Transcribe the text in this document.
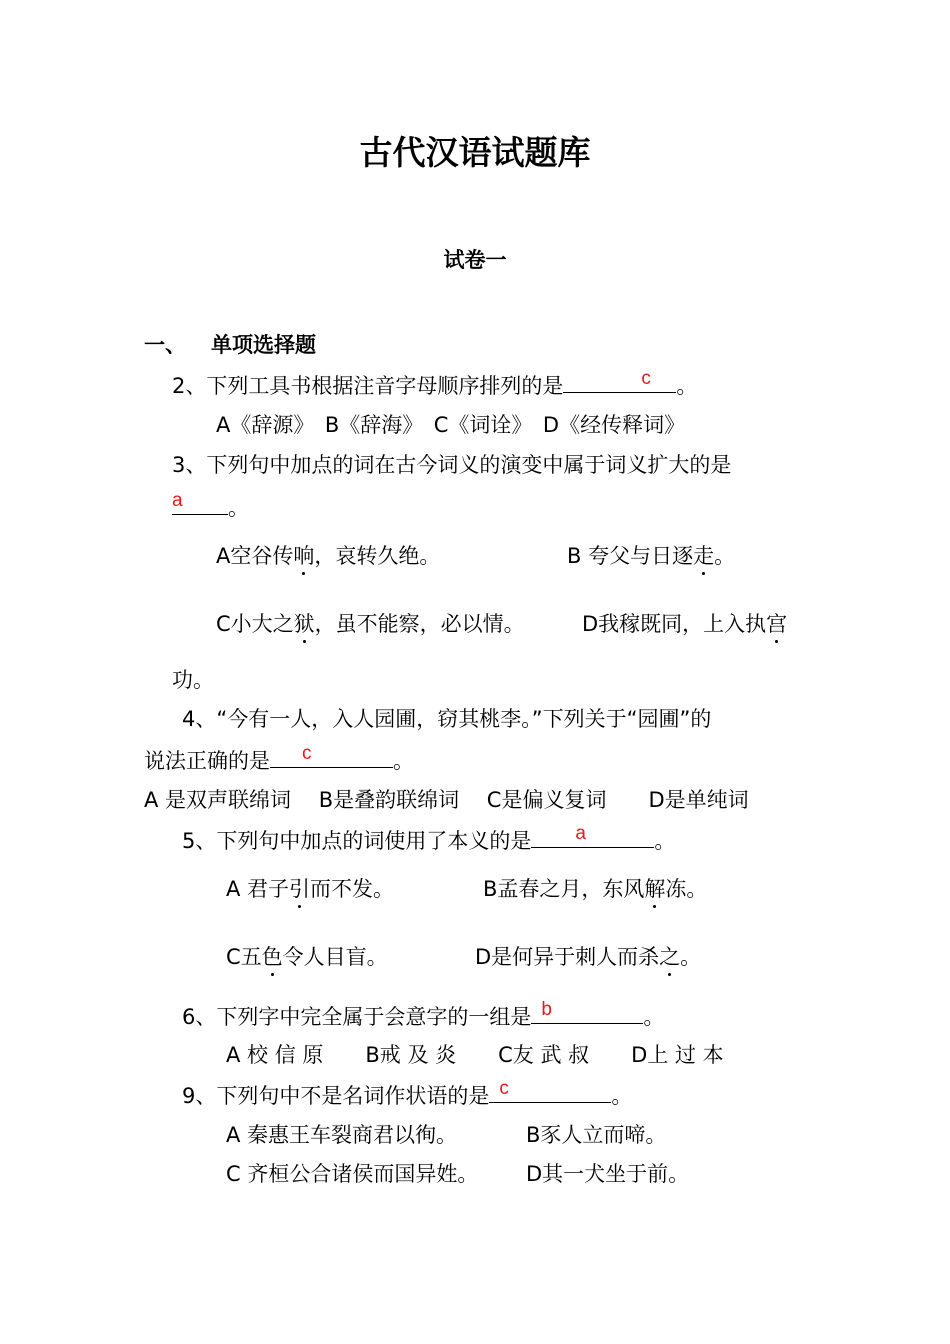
古代汉语试题库
试卷一
一、 单项选择题
2、下列工具书根据注音字母顺序排列的是	c 。
A《辞源》　B《辞海》　C《词诠》　D《经传释词》
3、下列句中加点的词在古今词义的演变中属于词义扩大的是
a 。
A空谷传响，哀转久绝。	B 夸父与日逐走。
C小大之狱，虽不能察，必以情。	D我稼既同，上入执宫
功。
4、“今有一人，入人园圃，窃其桃李。”下列关于“园圃”的
说法正确的是 c	。
A 是双声联绵词　 B是叠韵联绵词　 C是偏义复词　　D是单纯词
5、下列句中加点的词使用了本义的是 a	。
A 君子引而不发。	B孟春之月，东风解冻。
C五色令人目盲。	D是何异于刺人而杀之。
6、下列字中完全属于会意字的一组是 b	。
A 校 信 原　　B戒 及 炎　　C友 武 叔　　D上 过 本
9、下列句中不是名词作状语的是 c	。
A 秦惠王车裂商君以徇。	B豕人立而啼。
C 齐桓公合诸侯而国异姓。 D其一犬坐于前。
